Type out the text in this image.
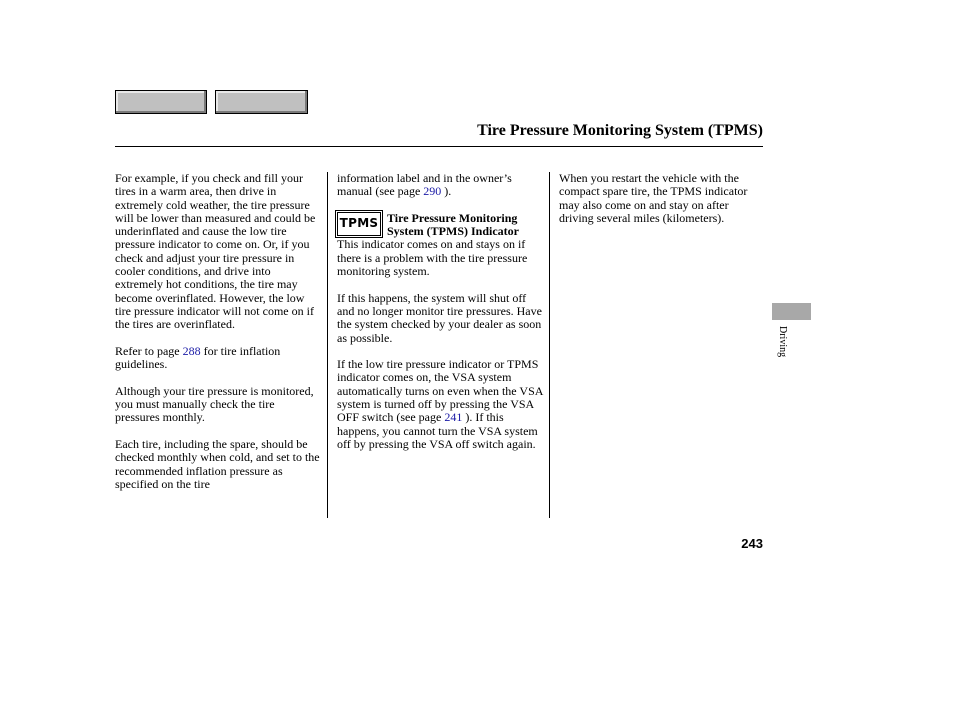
Tire Pressure Monitoring System (TPMS)

For example, if you check and fill your tires in a warm area, then drive in extremely cold weather, the tire pressure will be lower than measured and could be underinflated and cause the low tire pressure indicator to come on. Or, if you check and adjust your tire pressure in cooler conditions, and drive into extremely hot conditions, the tire may become overinflated. However, the low tire pressure indicator will not come on if the tires are overinflated.

Refer to page 288 for tire inflation guidelines.

Although your tire pressure is monitored, you must manually check the tire pressures monthly.

Each tire, including the spare, should be checked monthly when cold, and set to the recommended inflation pressure as specified on the tire

information label and in the owner’s manual (see page 290 ).

TPMS Tire Pressure Monitoring System (TPMS) Indicator

This indicator comes on and stays on if there is a problem with the tire pressure monitoring system.

If this happens, the system will shut off and no longer monitor tire pressures. Have the system checked by your dealer as soon as possible.

If the low tire pressure indicator or TPMS indicator comes on, the VSA system automatically turns on even when the VSA system is turned off by pressing the VSA OFF switch (see page 241 ). If this happens, you cannot turn the VSA system off by pressing the VSA off switch again.

When you restart the vehicle with the compact spare tire, the TPMS indicator may also come on and stay on after driving several miles (kilometers).

Driving
243
